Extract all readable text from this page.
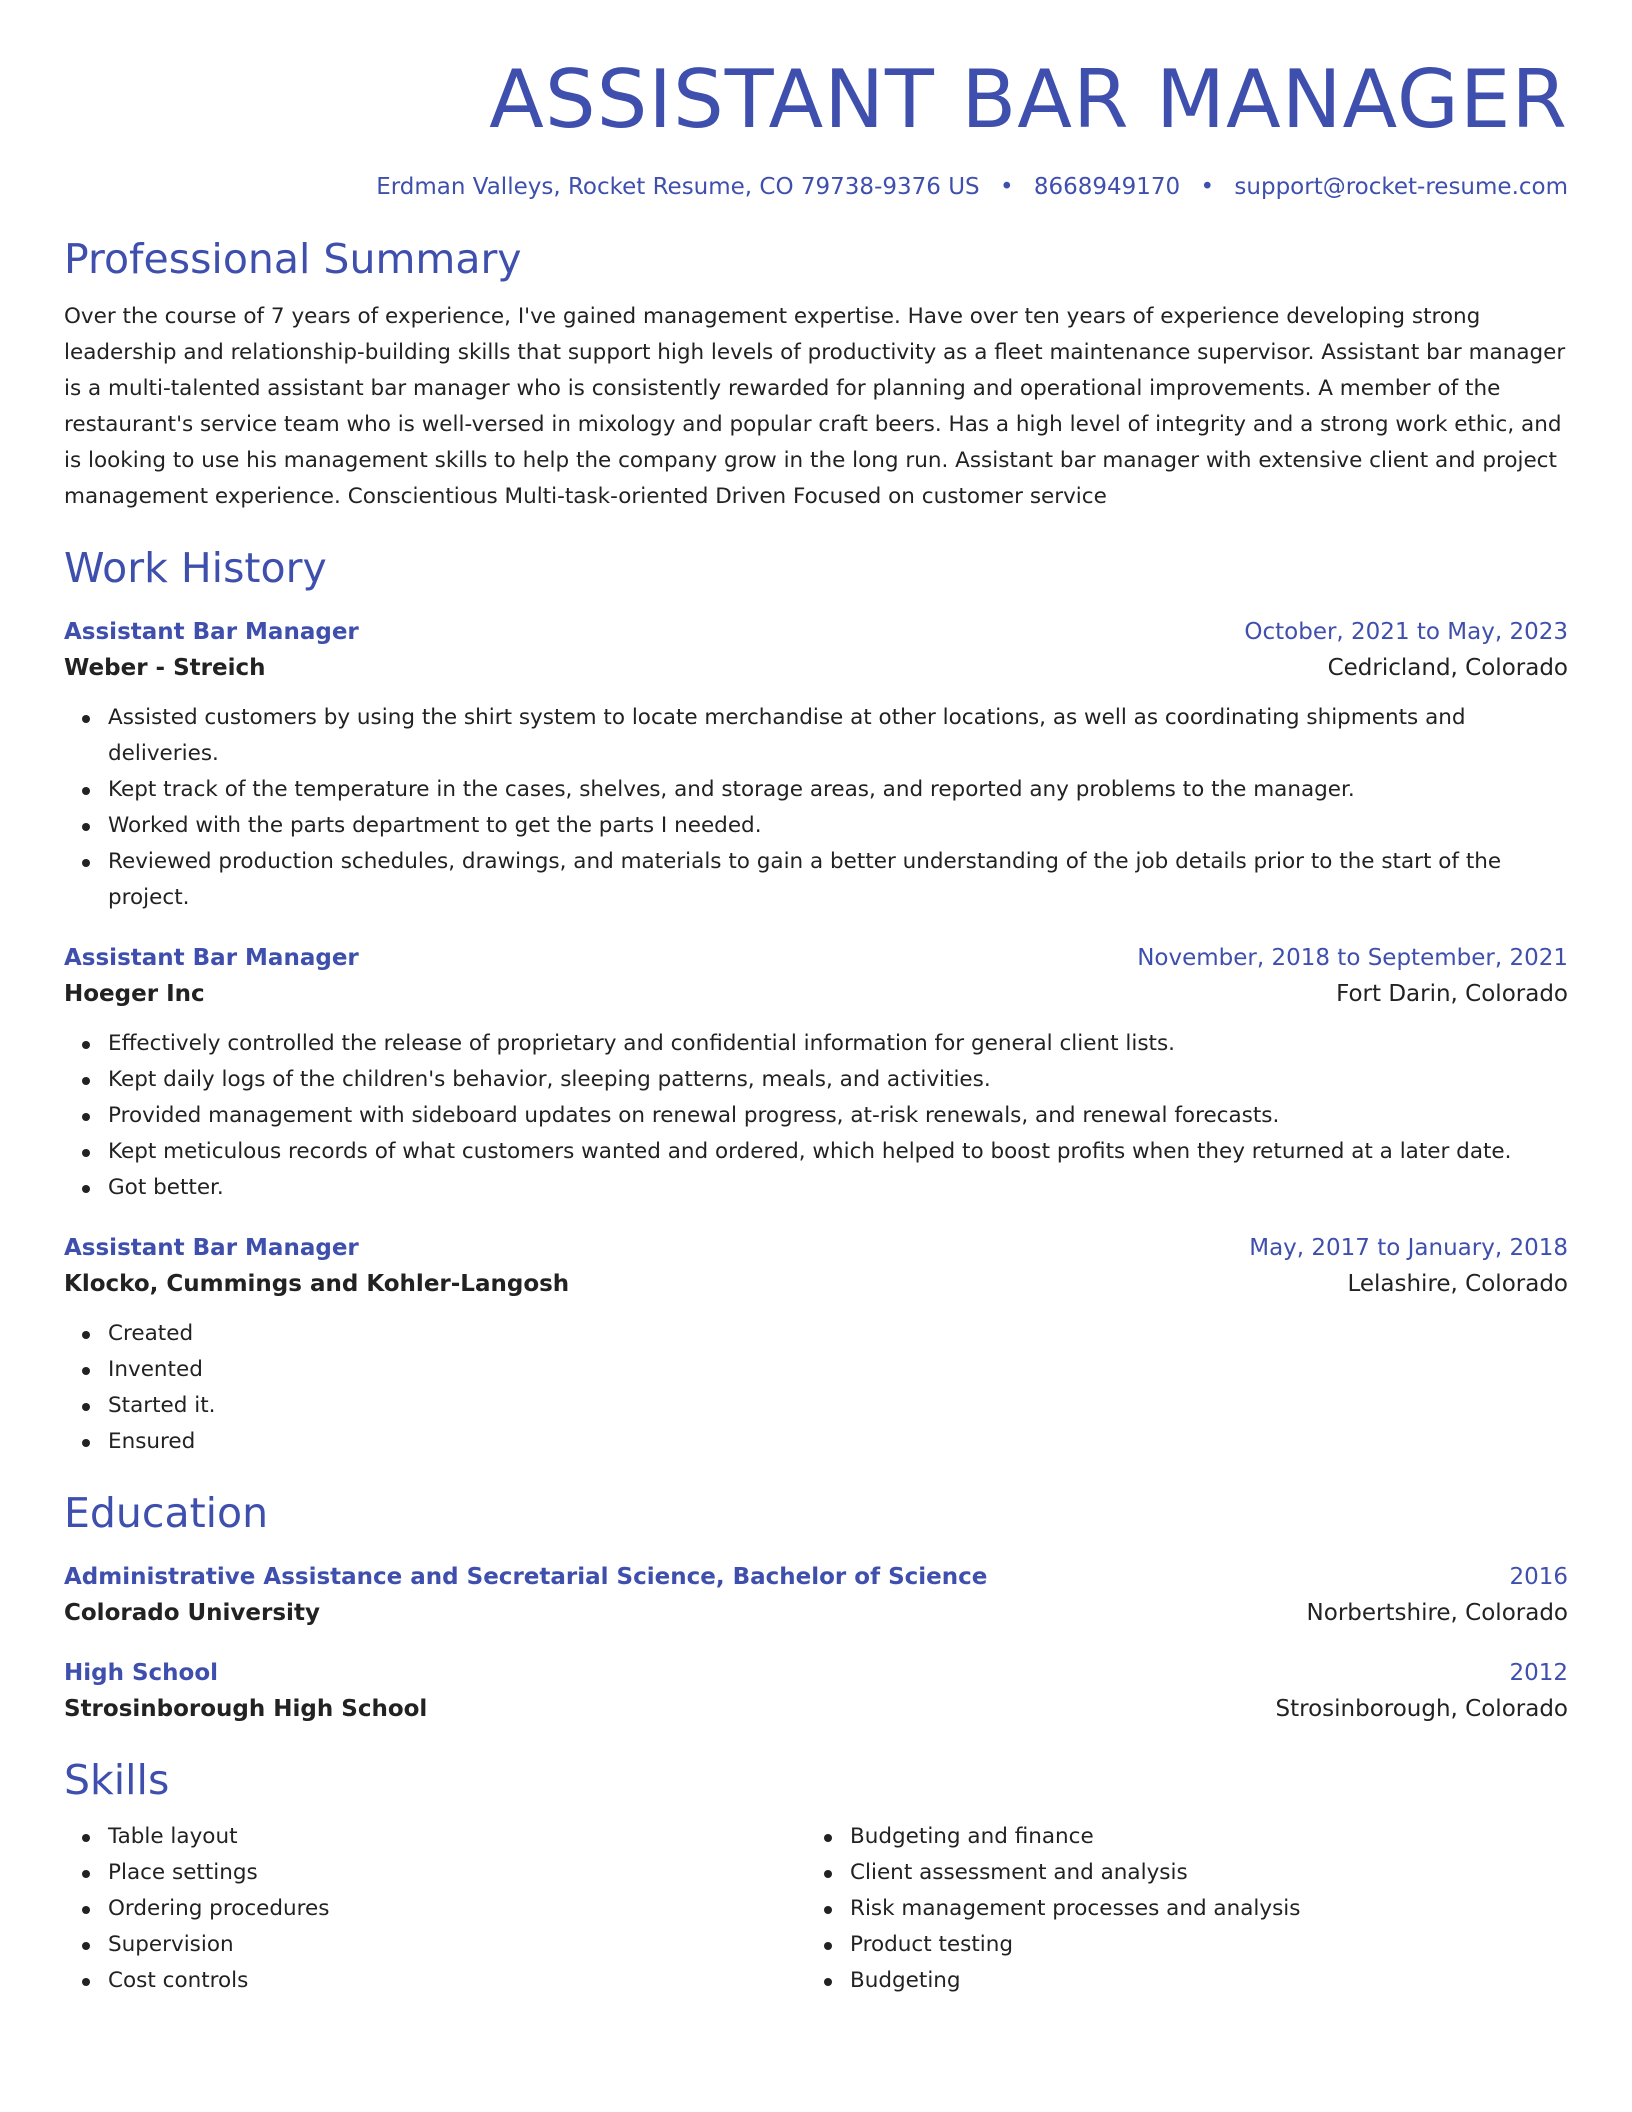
ASSISTANT BAR MANAGER
Erdman Valleys, Rocket Resume, CO 79738-9376 US • 8668949170 • support@rocket-resume.com
Professional Summary

Over the course of 7 years of experience, I've gained management expertise. Have over ten years of experience developing strong leadership and relationship-building skills that support high levels of productivity as a fleet maintenance supervisor. Assistant bar manager is a multi-talented assistant bar manager who is consistently rewarded for planning and operational improvements. A member of the restaurant's service team who is well-versed in mixology and popular craft beers. Has a high level of integrity and a strong work ethic, and is looking to use his management skills to help the company grow in the long run. Assistant bar manager with extensive client and project management experience. Conscientious Multi-task-oriented Driven Focused on customer service

Work History
Assistant Bar Manager	October, 2021 to May, 2023
Weber - Streich	Cedricland, Colorado
Assisted customers by using the shirt system to locate merchandise at other locations, as well as coordinating shipments and deliveries.
Kept track of the temperature in the cases, shelves, and storage areas, and reported any problems to the manager.
Worked with the parts department to get the parts I needed.
Reviewed production schedules, drawings, and materials to gain a better understanding of the job details prior to the start of the project.
Assistant Bar Manager	November, 2018 to September, 2021
Hoeger Inc	Fort Darin, Colorado
Effectively controlled the release of proprietary and confidential information for general client lists.
Kept daily logs of the children's behavior, sleeping patterns, meals, and activities.
Provided management with sideboard updates on renewal progress, at-risk renewals, and renewal forecasts.
Kept meticulous records of what customers wanted and ordered, which helped to boost profits when they returned at a later date.
Got better.
Assistant Bar Manager	May, 2017 to January, 2018
Klocko, Cummings and Kohler-Langosh	Lelashire, Colorado
Created
Invented
Started it.
Ensured
Education
Administrative Assistance and Secretarial Science, Bachelor of Science	2016
Colorado University	Norbertshire, Colorado
High School	2012
Strosinborough High School	Strosinborough, Colorado
Skills
Table layout
Place settings
Ordering procedures
Supervision
Cost controls
Budgeting and finance
Client assessment and analysis
Risk management processes and analysis
Product testing
Budgeting
